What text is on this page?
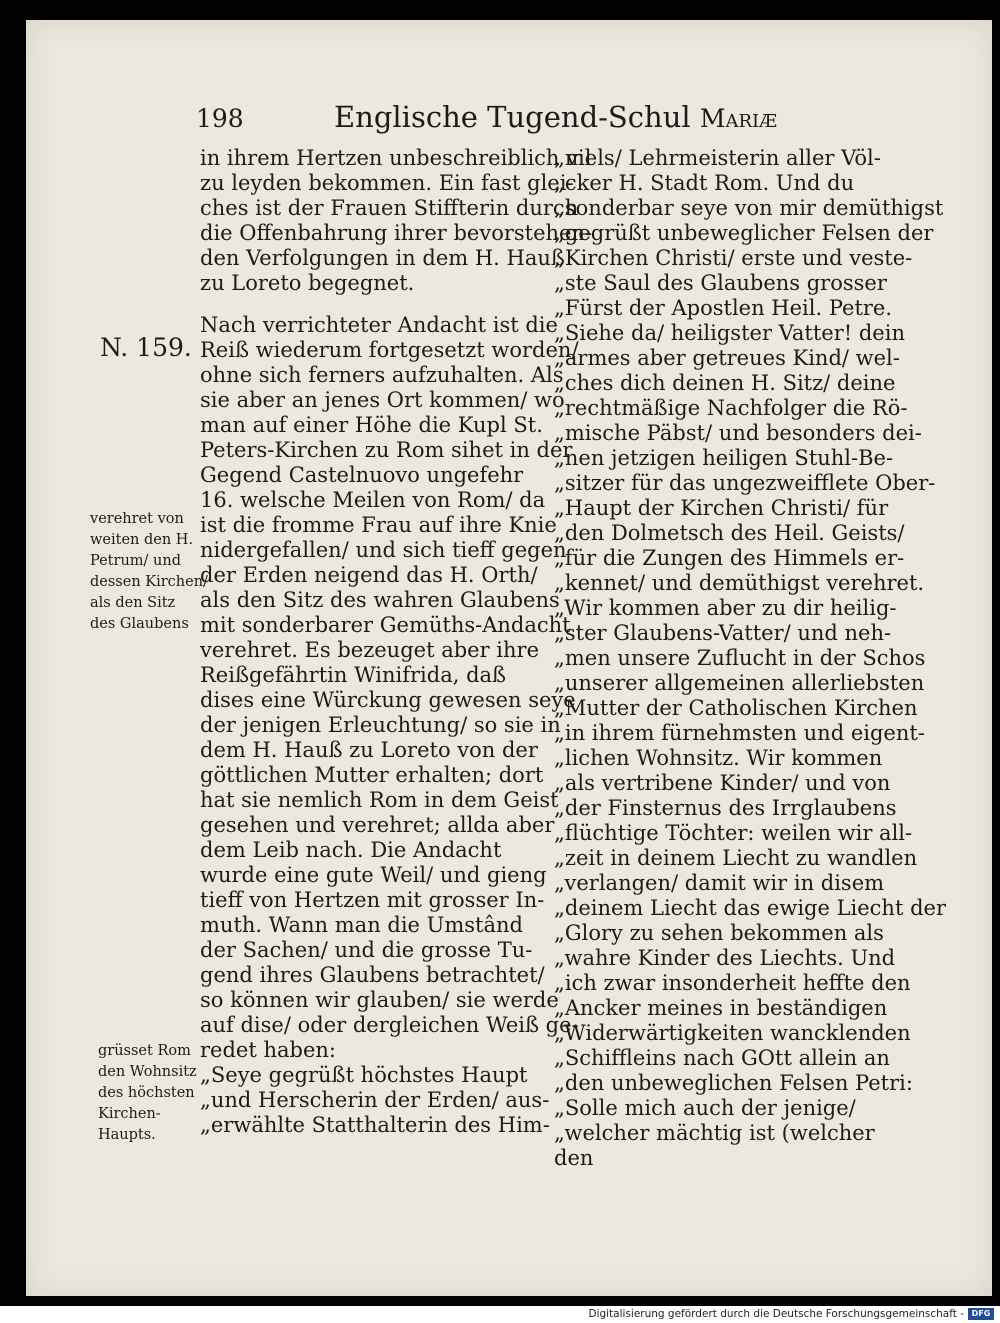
198	Englische Tugend-Schul Mariæ
N. 159.
verehret von
weiten den H.
Petrum/ und
dessen Kirchen/
als den Sitz
des Glaubens
grüsset Rom
den Wohnsitz
des höchsten
Kirchen-
Haupts.
in ihrem Hertzen unbeschreiblich vil
zu leyden bekommen. Ein fast glei-
ches ist der Frauen Stiffterin durch
die Offenbahrung ihrer bevorstehen-
den Verfolgungen in dem H. Hauß
zu Loreto begegnet.
Nach verrichteter Andacht ist die
Reiß wiederum fortgesetzt worden/
ohne sich ferners aufzuhalten. Als
sie aber an jenes Ort kommen/ wo
man auf einer Höhe die Kupl St.
Peters-Kirchen zu Rom sihet in der
Gegend Castelnuovo ungefehr
16. welsche Meilen von Rom/ da
ist die fromme Frau auf ihre Knie
nidergefallen/ und sich tieff gegen
der Erden neigend das H. Orth/
als den Sitz des wahren Glaubens
mit sonderbarer Gemüths-Andacht
verehret. Es bezeuget aber ihre
Reißgefährtin Winifrida, daß
dises eine Würckung gewesen seye
der jenigen Erleuchtung/ so sie in
dem H. Hauß zu Loreto von der
göttlichen Mutter erhalten; dort
hat sie nemlich Rom in dem Geist
gesehen und verehret; allda aber
dem Leib nach. Die Andacht
wurde eine gute Weil/ und gieng
tieff von Hertzen mit grosser In-
muth. Wann man die Umstând
der Sachen/ und die grosse Tu-
gend ihres Glaubens betrachtet/
so können wir glauben/ sie werde
auf dise/ oder dergleichen Weiß ge-
redet haben:
„Seye gegrüßt höchstes Haupt
„und Herscherin der Erden/ aus-
„erwählte Statthalterin des Him-
„mels/ Lehrmeisterin aller Völ-
„cker H. Stadt Rom. Und du
„sonderbar seye von mir demüthigst
„gegrüßt unbeweglicher Felsen der
„Kirchen Christi/ erste und veste-
„ste Saul des Glaubens grosser
„Fürst der Apostlen Heil. Petre.
„Siehe da/ heiligster Vatter! dein
„armes aber getreues Kind/ wel-
„ches dich deinen H. Sitz/ deine
„rechtmäßige Nachfolger die Rö-
„mische Päbst/ und besonders dei-
„nen jetzigen heiligen Stuhl-Be-
„sitzer für das ungezweifflete Ober-
„Haupt der Kirchen Christi/ für
„den Dolmetsch des Heil. Geists/
„für die Zungen des Himmels er-
„kennet/ und demüthigst verehret.
„Wir kommen aber zu dir heilig-
„ster Glaubens-Vatter/ und neh-
„men unsere Zuflucht in der Schos
„unserer allgemeinen allerliebsten
„Mutter der Catholischen Kirchen
„in ihrem fürnehmsten und eigent-
„lichen Wohnsitz. Wir kommen
„als vertribene Kinder/ und von
„der Finsternus des Irrglaubens
„flüchtige Töchter: weilen wir all-
„zeit in deinem Liecht zu wandlen
„verlangen/ damit wir in disem
„deinem Liecht das ewige Liecht der
„Glory zu sehen bekommen als
„wahre Kinder des Liechts. Und
„ich zwar insonderheit heffte den
„Ancker meines in beständigen
„Widerwärtigkeiten wancklenden
„Schiffleins nach GOtt allein an
„den unbeweglichen Felsen Petri:
„Solle mich auch der jenige/
„welcher mächtig ist (welcher
den
Digitalisierung gefördert durch die Deutsche Forschungsgemeinschaft - DFG
